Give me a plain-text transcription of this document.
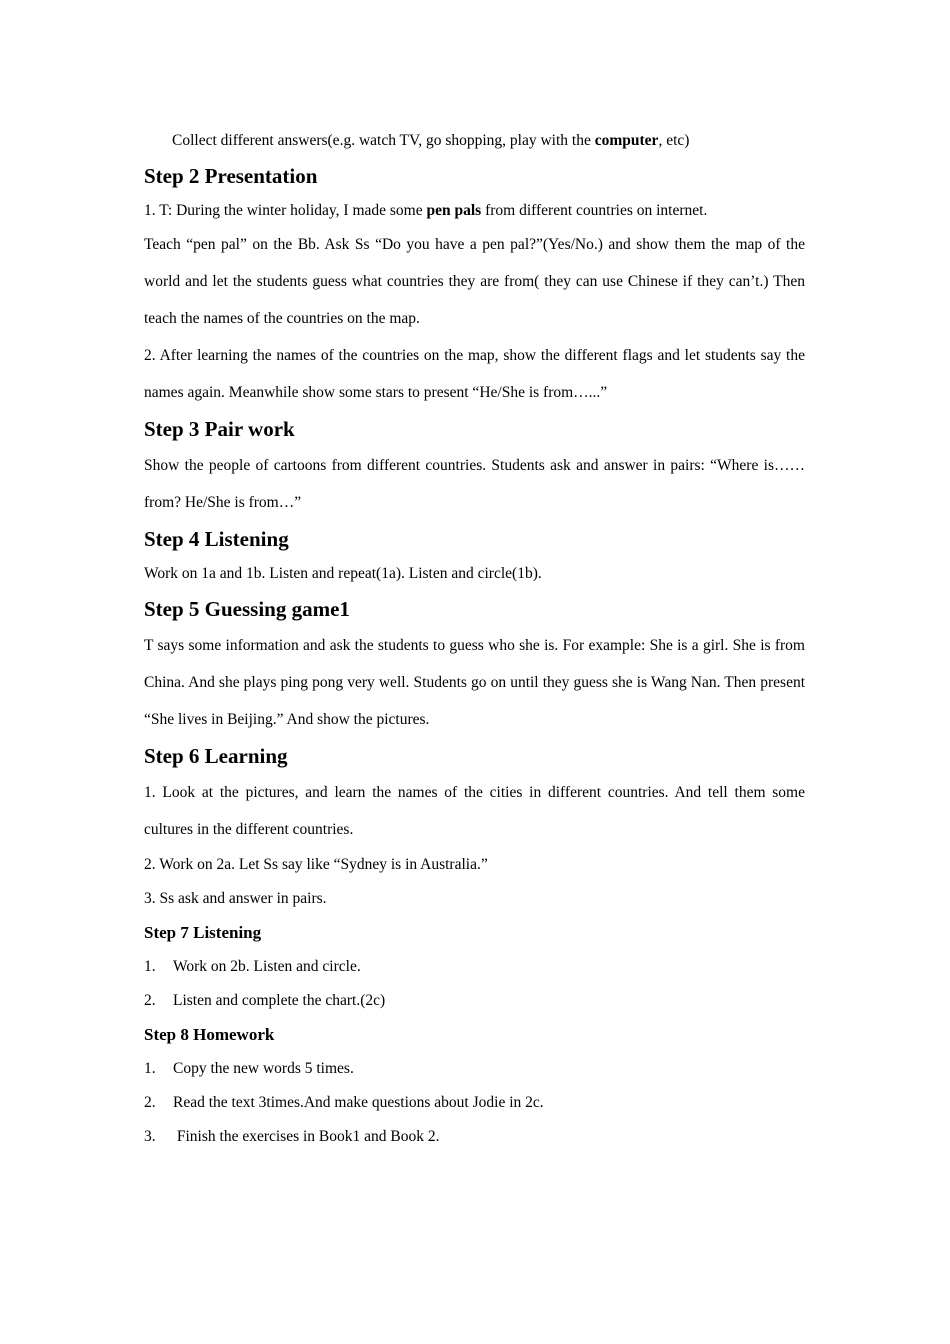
Collect different answers(e.g. watch TV, go shopping, play with the computer, etc)

Step 2 Presentation

1. T: During the winter holiday, I made some pen pals from different countries on internet.

Teach “pen pal” on the Bb. Ask Ss “Do you have a pen pal?”(Yes/No.) and show them the map of the world and let the students guess what countries they are from( they can use Chinese if they can’t.) Then teach the names of the countries on the map.

2. After learning the names of the countries on the map, show the different flags and let students say the names again. Meanwhile show some stars to present “He/She is from…...”

Step 3 Pair work

Show the people of cartoons from different countries. Students ask and answer in pairs: “Where is……from? He/She is from…”

Step 4 Listening

Work on 1a and 1b. Listen and repeat(1a). Listen and circle(1b).

Step 5 Guessing game1

T says some information and ask the students to guess who she is. For example: She is a girl. She is from China. And she plays ping pong very well. Students go on until they guess she is Wang Nan. Then present “She lives in Beijing.” And show the pictures.

Step 6 Learning

1. Look at the pictures, and learn the names of the cities in different countries. And tell them some cultures in the different countries.

2. Work on 2a. Let Ss say like “Sydney is in Australia.”

3. Ss ask and answer in pairs.

Step 7 Listening
1.	Work on 2b. Listen and circle.
2.	Listen and complete the chart.(2c)
Step 8 Homework
1.	Copy the new words 5 times.
2.	Read the text 3times.And make questions about Jodie in 2c.
3.	Finish the exercises in Book1 and Book 2.
